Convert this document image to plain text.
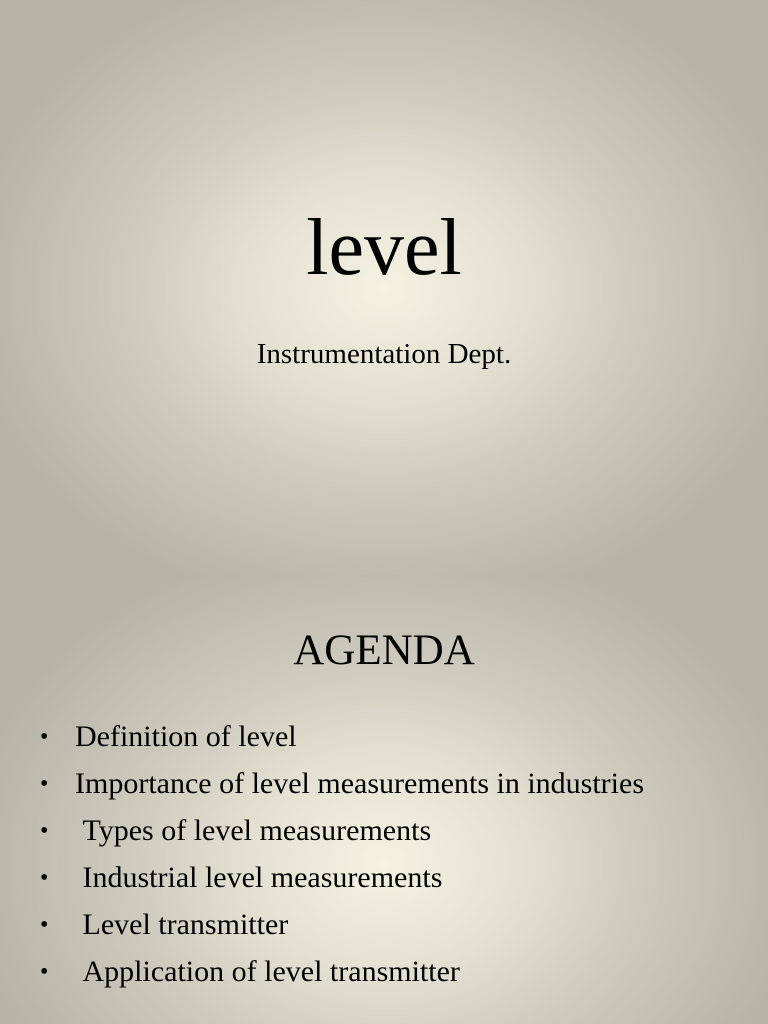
level
Instrumentation Dept.
AGENDA
• Definition of level
• Importance of level measurements in industries
• Types of level measurements
• Industrial level measurements
• Level transmitter
• Application of level transmitter
